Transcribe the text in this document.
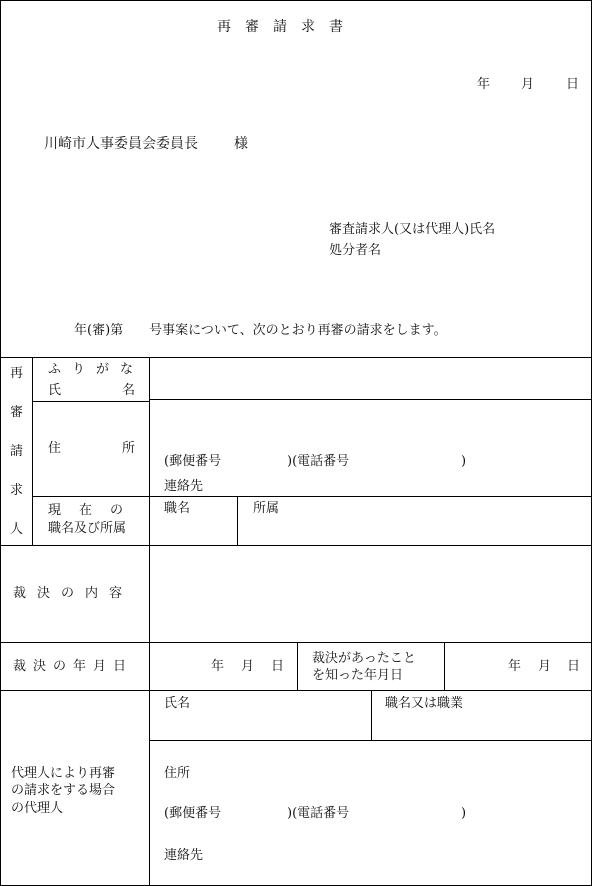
再審請求書
年 月 日
川崎市人事委員会委員長	様
審査請求人(又は代理人)氏名
処分者名
年(審)第　　号事案について、次のとおり再審の請求をします。
再
審
請
求
人
ふりがな
氏	名
住	所
(郵便番号	)(電話番号	)
連絡先
現在の
職名及び所属
職名	所属
裁決の内容
裁決の年月日	年 月 日
裁決があったこと
を知った年月日
年 月 日
代理人により再審
の請求をする場合
の代理人
氏名	職名又は職業
住所
(郵便番号	)(電話番号	)
連絡先
